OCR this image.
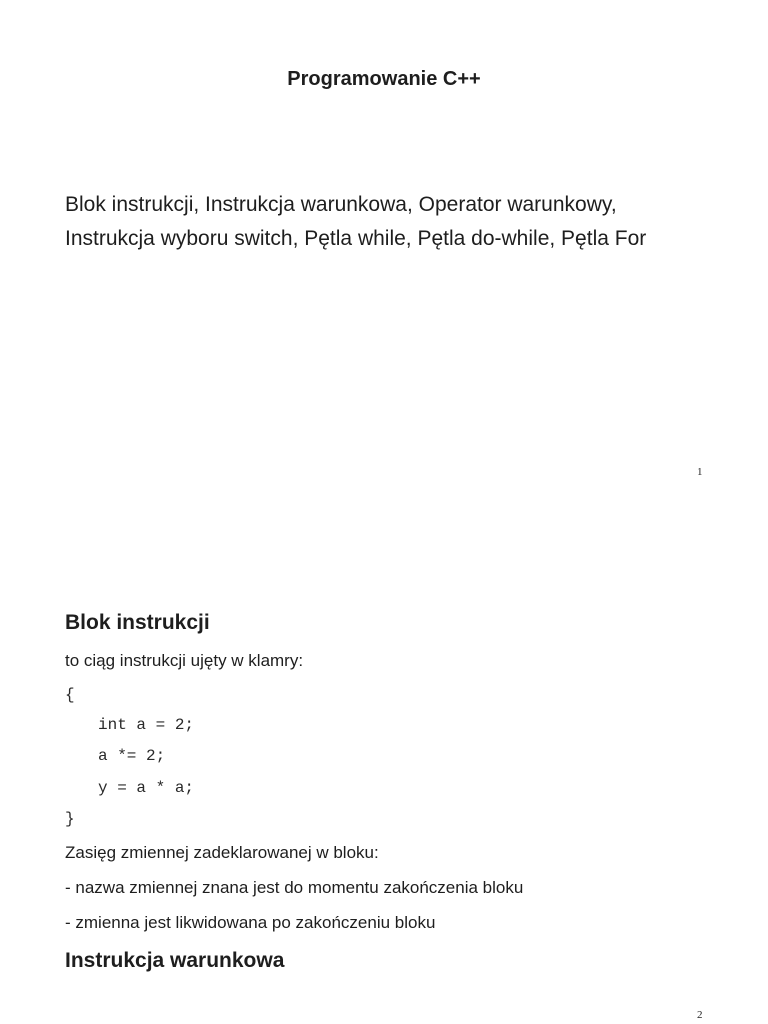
Programowanie C++
Blok instrukcji, Instrukcja warunkowa, Operator warunkowy,
Instrukcja wyboru switch, Pętla while, Pętla do-while, Pętla For
1
Blok instrukcji
to ciąg instrukcji ujęty w klamry:
{
int a = 2;
a *= 2;
y = a * a;
}
Zasięg zmiennej zadeklarowanej w bloku:
- nazwa zmiennej znana jest do momentu zakończenia bloku
- zmienna jest likwidowana po zakończeniu bloku
Instrukcja warunkowa
2
